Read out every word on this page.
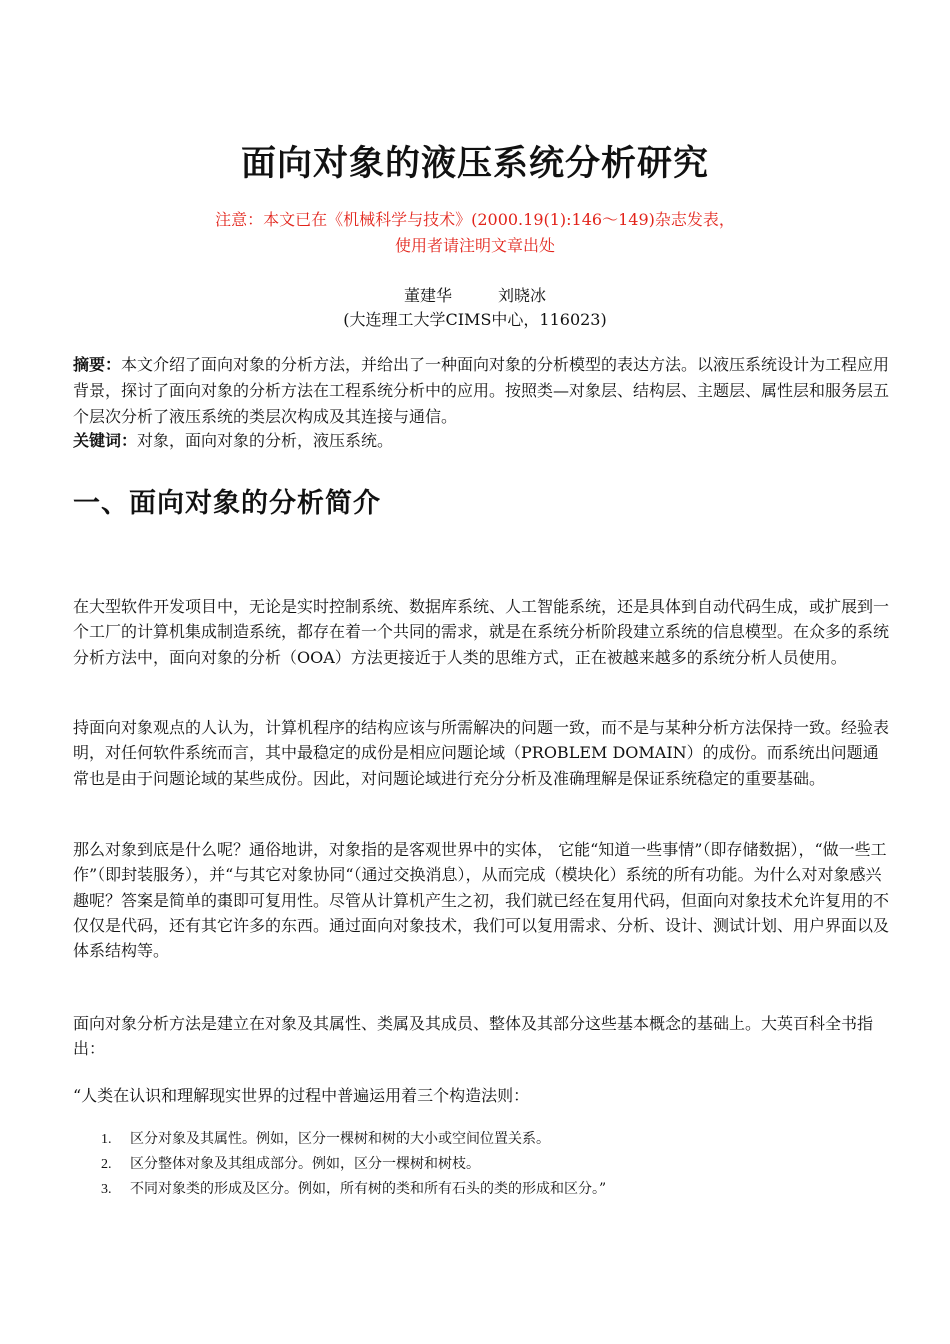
面向对象的液压系统分析研究
注意：本文已在《机械科学与技术》(2000.19(1):146～149)杂志发表，
使用者请注明文章出处
董建华	刘晓冰
(大连理工大学CIMS中心，116023)
摘要：本文介绍了面向对象的分析方法，并给出了一种面向对象的分析模型的表达方法。以液压系统设计为工程应用背景，探讨了面向对象的分析方法在工程系统分析中的应用。按照类—对象层、结构层、主题层、属性层和服务层五个层次分析了液压系统的类层次构成及其连接与通信。
关键词：对象，面向对象的分析，液压系统。
一、面向对象的分析简介

在大型软件开发项目中，无论是实时控制系统、数据库系统、人工智能系统，还是具体到自动代码生成，或扩展到一个工厂的计算机集成制造系统，都存在着一个共同的需求，就是在系统分析阶段建立系统的信息模型。在众多的系统分析方法中，面向对象的分析（OOA）方法更接近于人类的思维方式，正在被越来越多的系统分析人员使用。

持面向对象观点的人认为，计算机程序的结构应该与所需解决的问题一致，而不是与某种分析方法保持一致。经验表明，对任何软件系统而言，其中最稳定的成份是相应问题论域（PROBLEM DOMAIN）的成份。而系统出问题通常也是由于问题论域的某些成份。因此，对问题论域进行充分分析及准确理解是保证系统稳定的重要基础。

那么对象到底是什么呢？通俗地讲，对象指的是客观世界中的实体， 它能“知道一些事情”（即存储数据），“做一些工作”（即封装服务），并“与其它对象协同“（通过交换消息），从而完成（模块化）系统的所有功能。为什么对对象感兴趣呢？答案是简单的棗即可复用性。尽管从计算机产生之初，我们就已经在复用代码，但面向对象技术允许复用的不仅仅是代码，还有其它许多的东西。通过面向对象技术，我们可以复用需求、分析、设计、测试计划、用户界面以及体系结构等。

面向对象分析方法是建立在对象及其属性、类属及其成员、整体及其部分这些基本概念的基础上。大英百科全书指出：

“人类在认识和理解现实世界的过程中普遍运用着三个构造法则：
1. 区分对象及其属性。例如，区分一棵树和树的大小或空间位置关系。
2. 区分整体对象及其组成部分。例如，区分一棵树和树枝。
3. 不同对象类的形成及区分。例如，所有树的类和所有石头的类的形成和区分。”
